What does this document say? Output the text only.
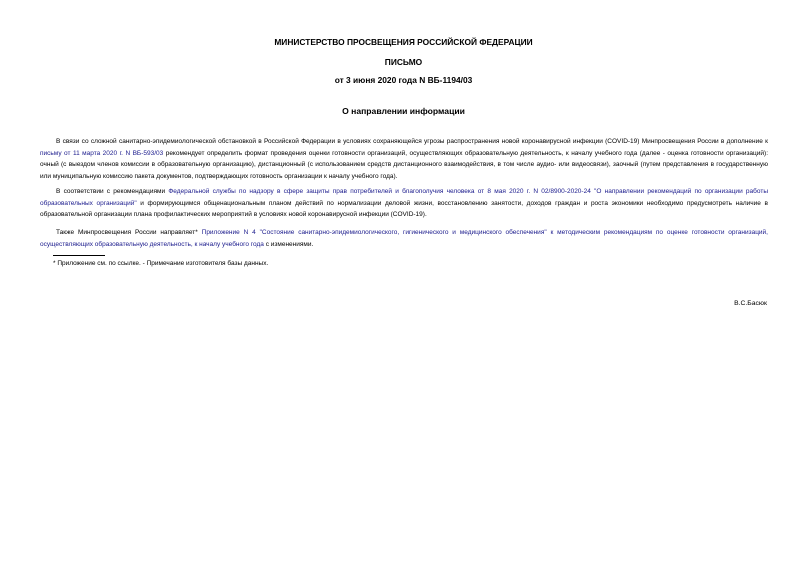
МИНИСТЕРСТВО ПРОСВЕЩЕНИЯ РОССИЙСКОЙ ФЕДЕРАЦИИ
ПИСЬМО
от 3 июня 2020 года N ВБ-1194/03
О направлении информации

В связи со сложной санитарно-эпидемиологической обстановкой в Российской Федерации в условиях сохраняющейся угрозы распространения новой коронавирусной инфекции (COVID-19) Минпросвещения России в дополнение к письму от 11 марта 2020 г. N ВБ-593/03 рекомендует определить формат проведения оценки готовности организаций, осуществляющих образовательную деятельность, к началу учебного года (далее - оценка готовности организаций): очный (с выездом членов комиссии в образовательную организацию), дистанционный (с использованием средств дистанционного взаимодействия, в том числе аудио- или видеосвязи), заочный (путем представления в государственную или муниципальную комиссию пакета документов, подтверждающих готовность организации к началу учебного года).

В соответствии с рекомендациями Федеральной службы по надзору в сфере защиты прав потребителей и благополучия человека от 8 мая 2020 г. N 02/8900-2020-24 "О направлении рекомендаций по организации работы образовательных организаций" и формирующимся общенациональным планом действий по нормализации деловой жизни, восстановлению занятости, доходов граждан и роста экономики необходимо предусмотреть наличие в образовательной организации плана профилактических мероприятий в условиях новой коронавирусной инфекции (COVID-19).

Также Минпросвещения России направляет* Приложение N 4 "Состояние санитарно-эпидемиологического, гигиенического и медицинского обеспечения" к методическим рекомендациям по оценке готовности организаций, осуществляющих образовательную деятельность, к началу учебного года с изменениями.

* Приложение см. по ссылке. - Примечание изготовителя базы данных.
В.С.Басюк
